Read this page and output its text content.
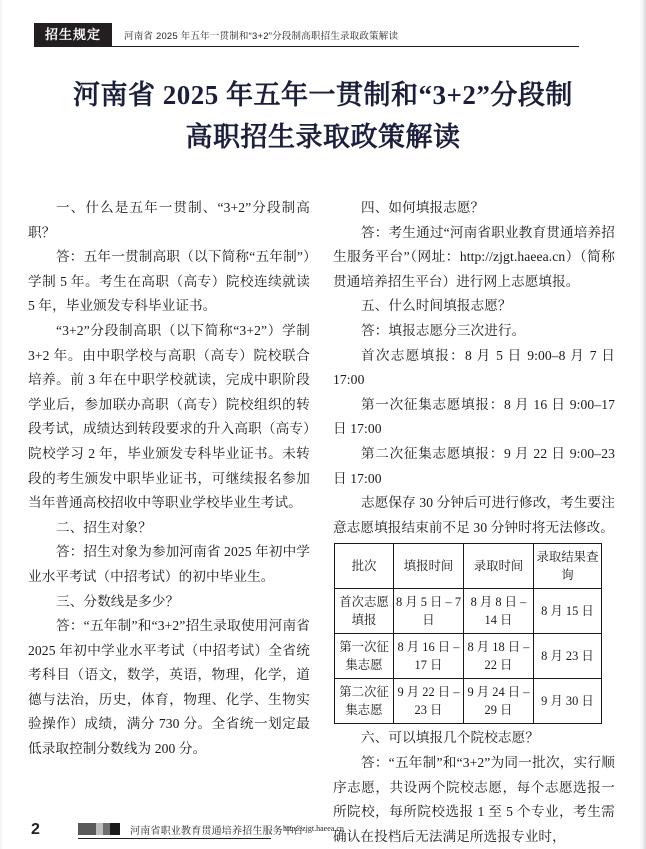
招生规定	河南省 2025 年五年一贯制和“3+2”分段制高职招生录取政策解读
河南省 2025 年五年一贯制和“3+2”分段制
高职招生录取政策解读

一、什么是五年一贯制、“3+2”分段制高职？

答：五年一贯制高职（以下简称“五年制”）学制 5 年。考生在高职（高专）院校连续就读 5 年，毕业颁发专科毕业证书。

“3+2”分段制高职（以下简称“3+2”）学制 3+2 年。由中职学校与高职（高专）院校联合培养。前 3 年在中职学校就读，完成中职阶段学业后，参加联办高职（高专）院校组织的转段考试，成绩达到转段要求的升入高职（高专）院校学习 2 年，毕业颁发专科毕业证书。未转段的考生颁发中职毕业证书，可继续报名参加当年普通高校招收中等职业学校毕业生考试。

二、招生对象？

答：招生对象为参加河南省 2025 年初中学业水平考试（中招考试）的初中毕业生。

三、分数线是多少？

答：“五年制”和“3+2”招生录取使用河南省 2025 年初中学业水平考试（中招考试）全省统考科目（语文，数学，英语，物理，化学，道德与法治，历史，体育，物理、化学、生物实验操作）成绩，满分 730 分。全省统一划定最低录取控制分数线为 200 分。

四、如何填报志愿？

答：考生通过“河南省职业教育贯通培养招生服务平台”（网址：http://zjgt.haeea.cn）（简称贯通培养招生平台）进行网上志愿填报。

五、什么时间填报志愿？

答：填报志愿分三次进行。

首次志愿填报：8 月 5 日 9:00–8 月 7 日 17:00

第一次征集志愿填报：8 月 16 日 9:00–17 日 17:00

第二次征集志愿填报：9 月 22 日 9:00–23 日 17:00

志愿保存 30 分钟后可进行修改，考生要注意志愿填报结束前不足 30 分钟时将无法修改。

批次	填报时间	录取时间	录取结果查询
首次志愿填报	8 月 5 日 – 7 日	8 月 8 日 – 14 日	8 月 15 日
第一次征集志愿	8 月 16 日 – 17 日	8 月 18 日 – 22 日	8 月 23 日
第二次征集志愿	9 月 22 日 – 23 日	9 月 24 日 – 29 日	9 月 30 日

六、可以填报几个院校志愿？

答：“五年制”和“3+2”为同一批次，实行顺序志愿，共设两个院校志愿，每个志愿选报一所院校，每所院校选报 1 至 5 个专业，考生需确认在投档后无法满足所选报专业时，

2	河南省职业教育贯通培养招生服务平台
http://zjgt.haeea.cn
